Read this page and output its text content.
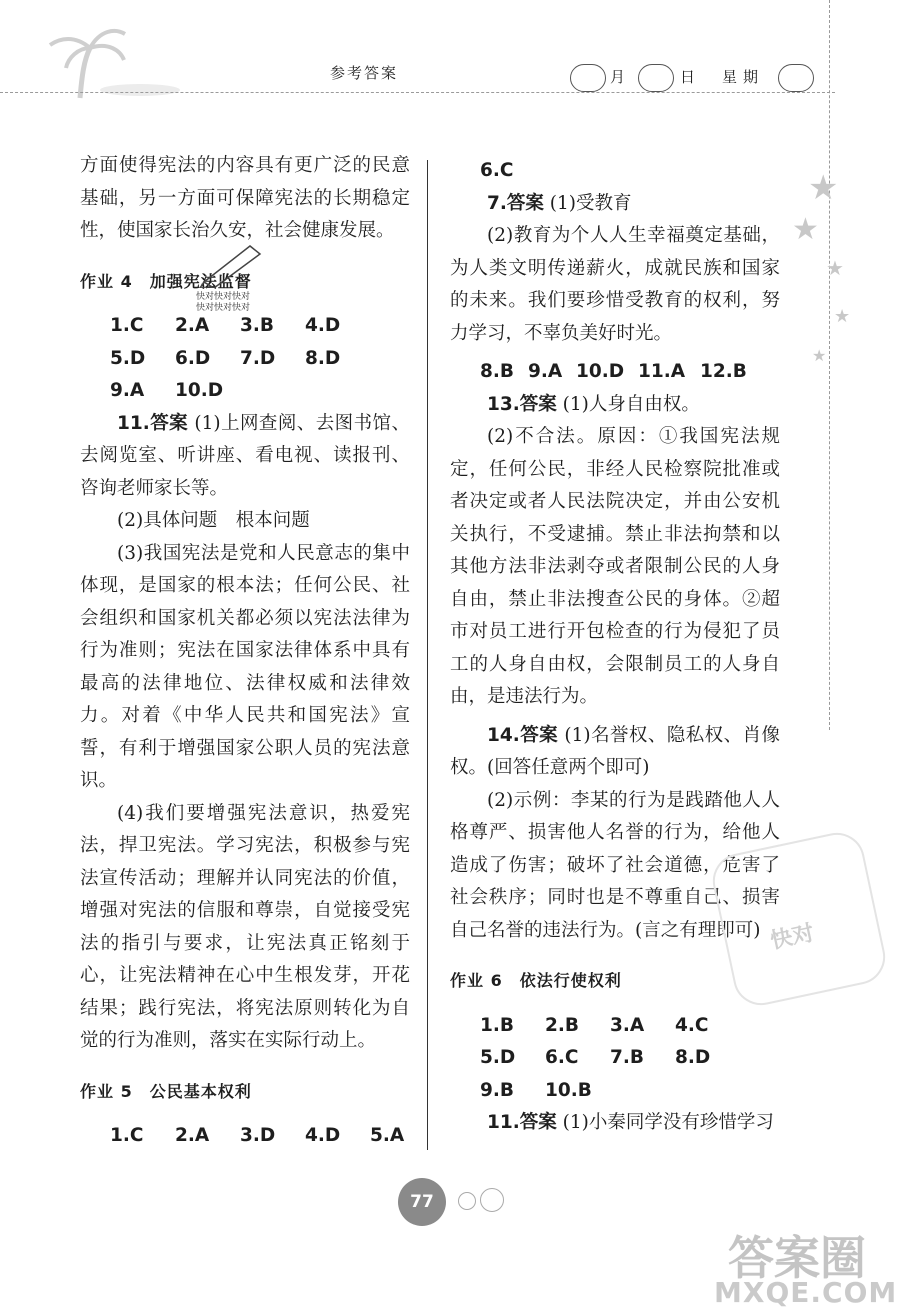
参考答案	月	日 星期
★
★
★
★
★

方面使得宪法的内容具有更广泛的民意基础，另一方面可保障宪法的长期稳定性，使国家长治久安，社会健康发展。

作业 4　加强宪法监督

1.C	2.A	3.B	4.D
5.D	6.D	7.D	8.D
9.A	10.D

11.答案 (1)上网查阅、去图书馆、去阅览室、听讲座、看电视、读报刊、咨询老师家长等。

(2)具体问题　根本问题

(3)我国宪法是党和人民意志的集中体现，是国家的根本法；任何公民、社会组织和国家机关都必须以宪法法律为行为准则；宪法在国家法律体系中具有最高的法律地位、法律权威和法律效力。对着《中华人民共和国宪法》宣誓，有利于增强国家公职人员的宪法意识。

(4)我们要增强宪法意识，热爱宪法，捍卫宪法。学习宪法，积极参与宪法宣传活动；理解并认同宪法的价值，增强对宪法的信服和尊崇，自觉接受宪法的指引与要求，让宪法真正铭刻于心，让宪法精神在心中生根发芽，开花结果；践行宪法，将宪法原则转化为自觉的行为准则，落实在实际行动上。

作业 5　公民基本权利

1.C	2.A	3.D	4.D	5.A
快对快对快对
快对快对快对

6.C

7.答案 (1)受教育

(2)教育为个人人生幸福奠定基础，为人类文明传递薪火，成就民族和国家的未来。我们要珍惜受教育的权利，努力学习，不辜负美好时光。

8.B 9.A 10.D 11.A 12.B

13.答案 (1)人身自由权。

(2)不合法。原因：①我国宪法规定，任何公民，非经人民检察院批准或者决定或者人民法院决定，并由公安机关执行，不受逮捕。禁止非法拘禁和以其他方法非法剥夺或者限制公民的人身自由，禁止非法搜查公民的身体。②超市对员工进行开包检查的行为侵犯了员工的人身自由权，会限制员工的人身自由，是违法行为。

14.答案 (1)名誉权、隐私权、肖像权。(回答任意两个即可)

(2)示例：李某的行为是践踏他人人格尊严、损害他人名誉的行为，给他人造成了伤害；破坏了社会道德，危害了社会秩序；同时也是不尊重自己、损害自己名誉的违法行为。(言之有理即可)

作业 6　依法行使权利

1.B	2.B	3.A	4.C
5.D	6.C	7.B	8.D
9.B	10.B

11.答案 (1)小秦同学没有珍惜学习

快对
77
答案圈
MXQE.COM
